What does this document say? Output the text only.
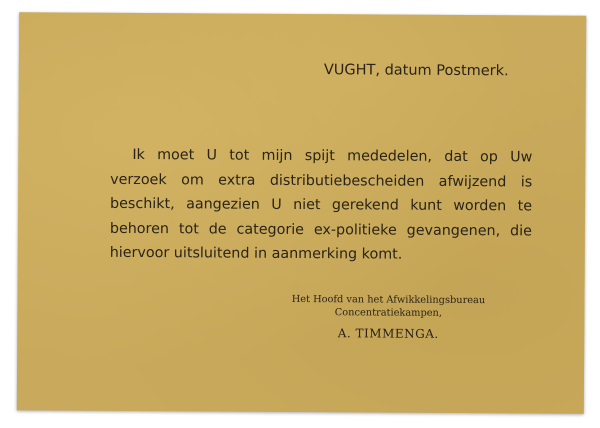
VUGHT, datum Postmerk.
Ik moet U tot mijn spijt mededelen, dat op Uw
verzoek om extra distributiebescheiden afwijzend is
beschikt, aangezien U niet gerekend kunt worden te
behoren tot de categorie ex-politieke gevangenen, die
hiervoor uitsluitend in aanmerking komt.
Het Hoofd van het Afwikkelingsbureau
Concentratiekampen,
A. TIMMENGA.
